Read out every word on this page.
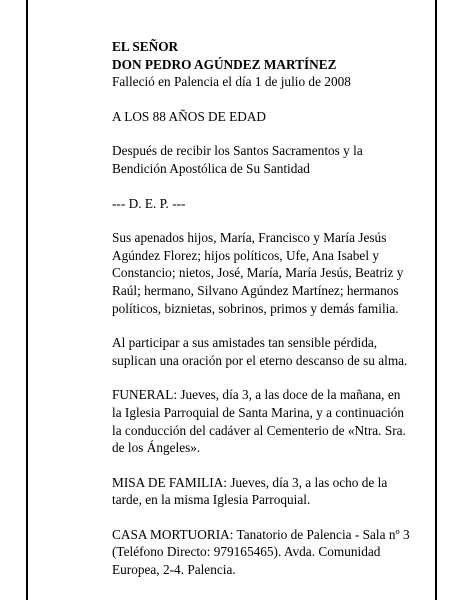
EL SEÑOR

DON PEDRO AGÚNDEZ MARTÍNEZ

Falleció en Palencia el día 1 de julio de 2008

A LOS 88 AÑOS DE EDAD

Después de recibir los Santos Sacramentos y la Bendición Apostólica de Su Santidad

--- D. E. P. ---

Sus apenados hijos, María, Francisco y María Jesús Agúndez Florez; hijos políticos, Ufe, Ana Isabel y Constancio; nietos, José, María, María Jesús, Beatriz y Raúl; hermano, Silvano Agúndez Martínez; hermanos políticos, biznietas, sobrinos, primos y demás familia.

Al participar a sus amistades tan sensible pérdida, suplican una oración por el eterno descanso de su alma.

FUNERAL: Jueves, día 3, a las doce de la mañana, en la Iglesia Parroquial de Santa Marina, y a continuación la conducción del cadáver al Cementerio de «Ntra. Sra. de los Ángeles».

MISA DE FAMILIA: Jueves, día 3, a las ocho de la tarde, en la misma Iglesia Parroquial.

CASA MORTUORIA: Tanatorio de Palencia - Sala nº 3 (Teléfono Directo: 979165465). Avda. Comunidad Europea, 2-4. Palencia.
